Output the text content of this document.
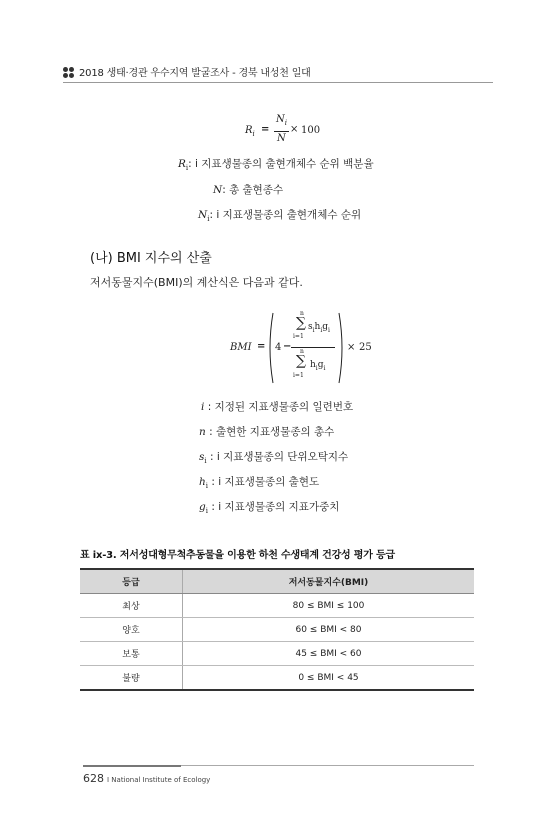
2018 생태·경관 우수지역 발굴조사 - 경북 내성천 일대
$R_i$ =
$N_i$
N
× 100
$R_i$: i 지표생물종의 출현개체수 순위 백분율
N: 총 출현종수
$N_i$: i 지표생물종의 출현개체수 순위
(나) BMI 지수의 산출
저서동물지수(BMI)의 계산식은 다음과 같다.
BMI = 4 −
n
∑
i=1
$s_ih_ig_i$
n
∑
i=1
$h_ig_i$
× 25
i : 지정된 지표생물종의 일련번호
n : 출현한 지표생물종의 총수
$s_i$ : i 지표생물종의 단위오탁지수
$h_i$ : i 지표생물종의 출현도
$g_i$ : i 지표생물종의 지표가중치
표 ix-3. 저서성대형무척추동물을 이용한 하천 수생태계 건강성 평가 등급
등급	저서동물지수(BMI)
최상	80 ≤ BMI ≤ 100
양호	60 ≤ BMI < 80
보통	45 ≤ BMI < 60
불량	0 ≤ BMI < 45
628 I National Institute of Ecology
